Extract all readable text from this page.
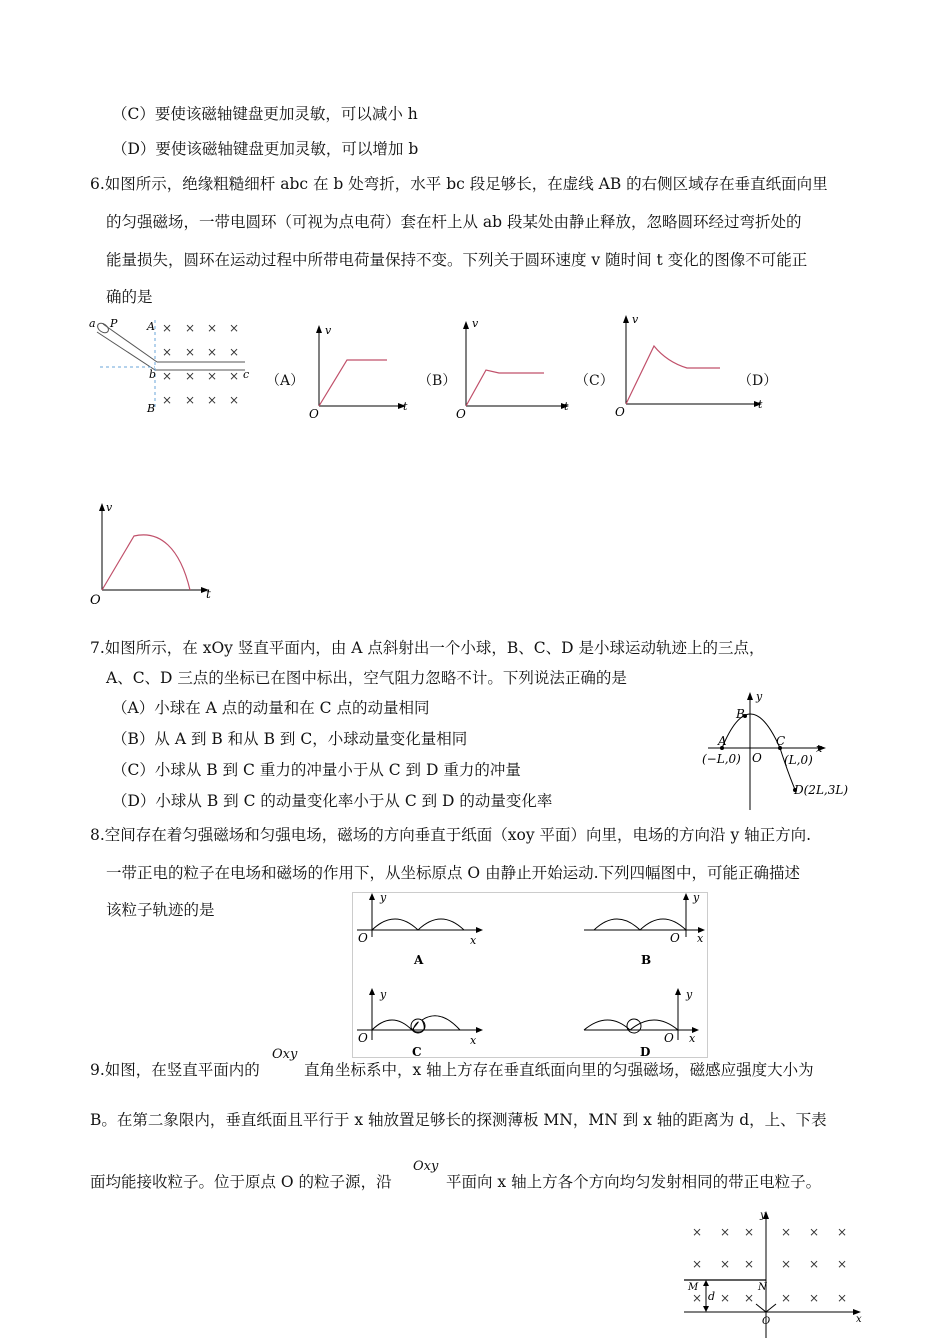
（C）要使该磁轴键盘更加灵敏，可以减小 h
（D）要使该磁轴键盘更加灵敏，可以增加 b
6.如图所示，绝缘粗糙细杆 abc 在 b 处弯折，水平 bc 段足够长，在虚线 AB 的右侧区域存在垂直纸面向里
的匀强磁场，一带电圆环（可视为点电荷）套在杆上从 ab 段某处由静止释放，忽略圆环经过弯折处的
能量损失，圆环在运动过程中所带电荷量保持不变。下列关于圆环速度 v 随时间 t 变化的图像不可能正
确的是
a P	A
b	c
B
× × × ×
× × × ×
× × × ×
× × × ×
（A）	（B）	（C）	（D）
v
O
t
v
O
t
v
O
t
v
O	t
7.如图所示，在 xOy 竖直平面内，由 A 点斜射出一个小球，B、C、D 是小球运动轨迹上的三点，
A、C、D 三点的坐标已在图中标出，空气阻力忽略不计。下列说法正确的是
（A）小球在 A 点的动量和在 C 点的动量相同
（B）从 A 到 B 和从 B 到 C，小球动量变化量相同
（C）小球从 B 到 C 重力的冲量小于从 C 到 D 重力的冲量
（D）小球从 B 到 C 的动量变化率小于从 C 到 D 的动量变化率
y
x
B
A	C
O
(−L,0)	(L,0)
D(2L,3L)
8.空间存在着匀强磁场和匀强电场，磁场的方向垂直于纸面（xoy 平面）向里，电场的方向沿 y 轴正方向.
一带正电的粒子在电场和磁场的作用下，从坐标原点 O 由静止开始运动.下列四幅图中，可能正确描述
该粒子轨迹的是
y
O	x
A
y
O x
B
y
O	x
C
y
O x
D
Oxy
9.如图，在竖直平面内的	直角坐标系中，x 轴上方存在垂直纸面向里的匀强磁场，磁感应强度大小为
B。在第二象限内，垂直纸面且平行于 x 轴放置足够长的探测薄板 MN，MN 到 x 轴的距离为 d，上、下表
Oxy
面均能接收粒子。位于原点 O 的粒子源，沿	平面向 x 轴上方各个方向均匀发射相同的带正电粒子。
× × × × × ×
× × × × × ×
× × × × × ×
y
x
M	N
d
O
